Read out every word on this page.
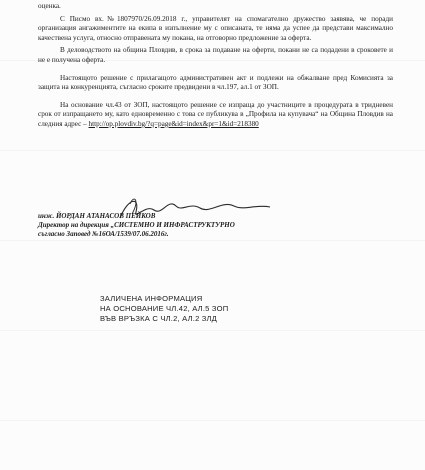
оценка.

С Писмо вх.№1807970/26.09.2018 г., управителят на спомагателно дружество заявява, че поради организация ангажиментите на екипа в изпълнение му с описаната, те няма да успее да представи максимално качествена услуга, относно отправената му покана, на отговорно предложение за оферта.

В деловодството на община Пловдив, в срока за подаване на оферти, покани не са подадени в сроковете и не е получена оферта.

Настоящото решение с прилагащото административен акт и подлежи на обжалване пред Комисията за защита на конкуренцията, съгласно сроките предвидени в чл.197, ал.1 от ЗОП.

На основание чл.43 от ЗОП, настоящото решение се изпраща до участниците в процедурата в тридневен срок от изпращането му, като едновременно с това се публикува в „Профила на купувача“ на Община Пловдив на следния адрес – http://op.plovdiv.bg/?q=page&id=index&pr=1&id=218380

инж. ЙОРДАН АТАНАСОВ ПЕЙКОВ
Директор на дирекция „СИСТЕМНО И ИНФРАСТРУКТУРНО
съгласно Заповед №16ОА/1539/07.06.2016г.
ЗАЛИЧЕНА ИНФОРМАЦИЯ
НА ОСНОВАНИЕ ЧЛ.42, АЛ.5 ЗОП
ВЪВ ВРЪЗКА С ЧЛ.2, АЛ.2 ЗЛД
